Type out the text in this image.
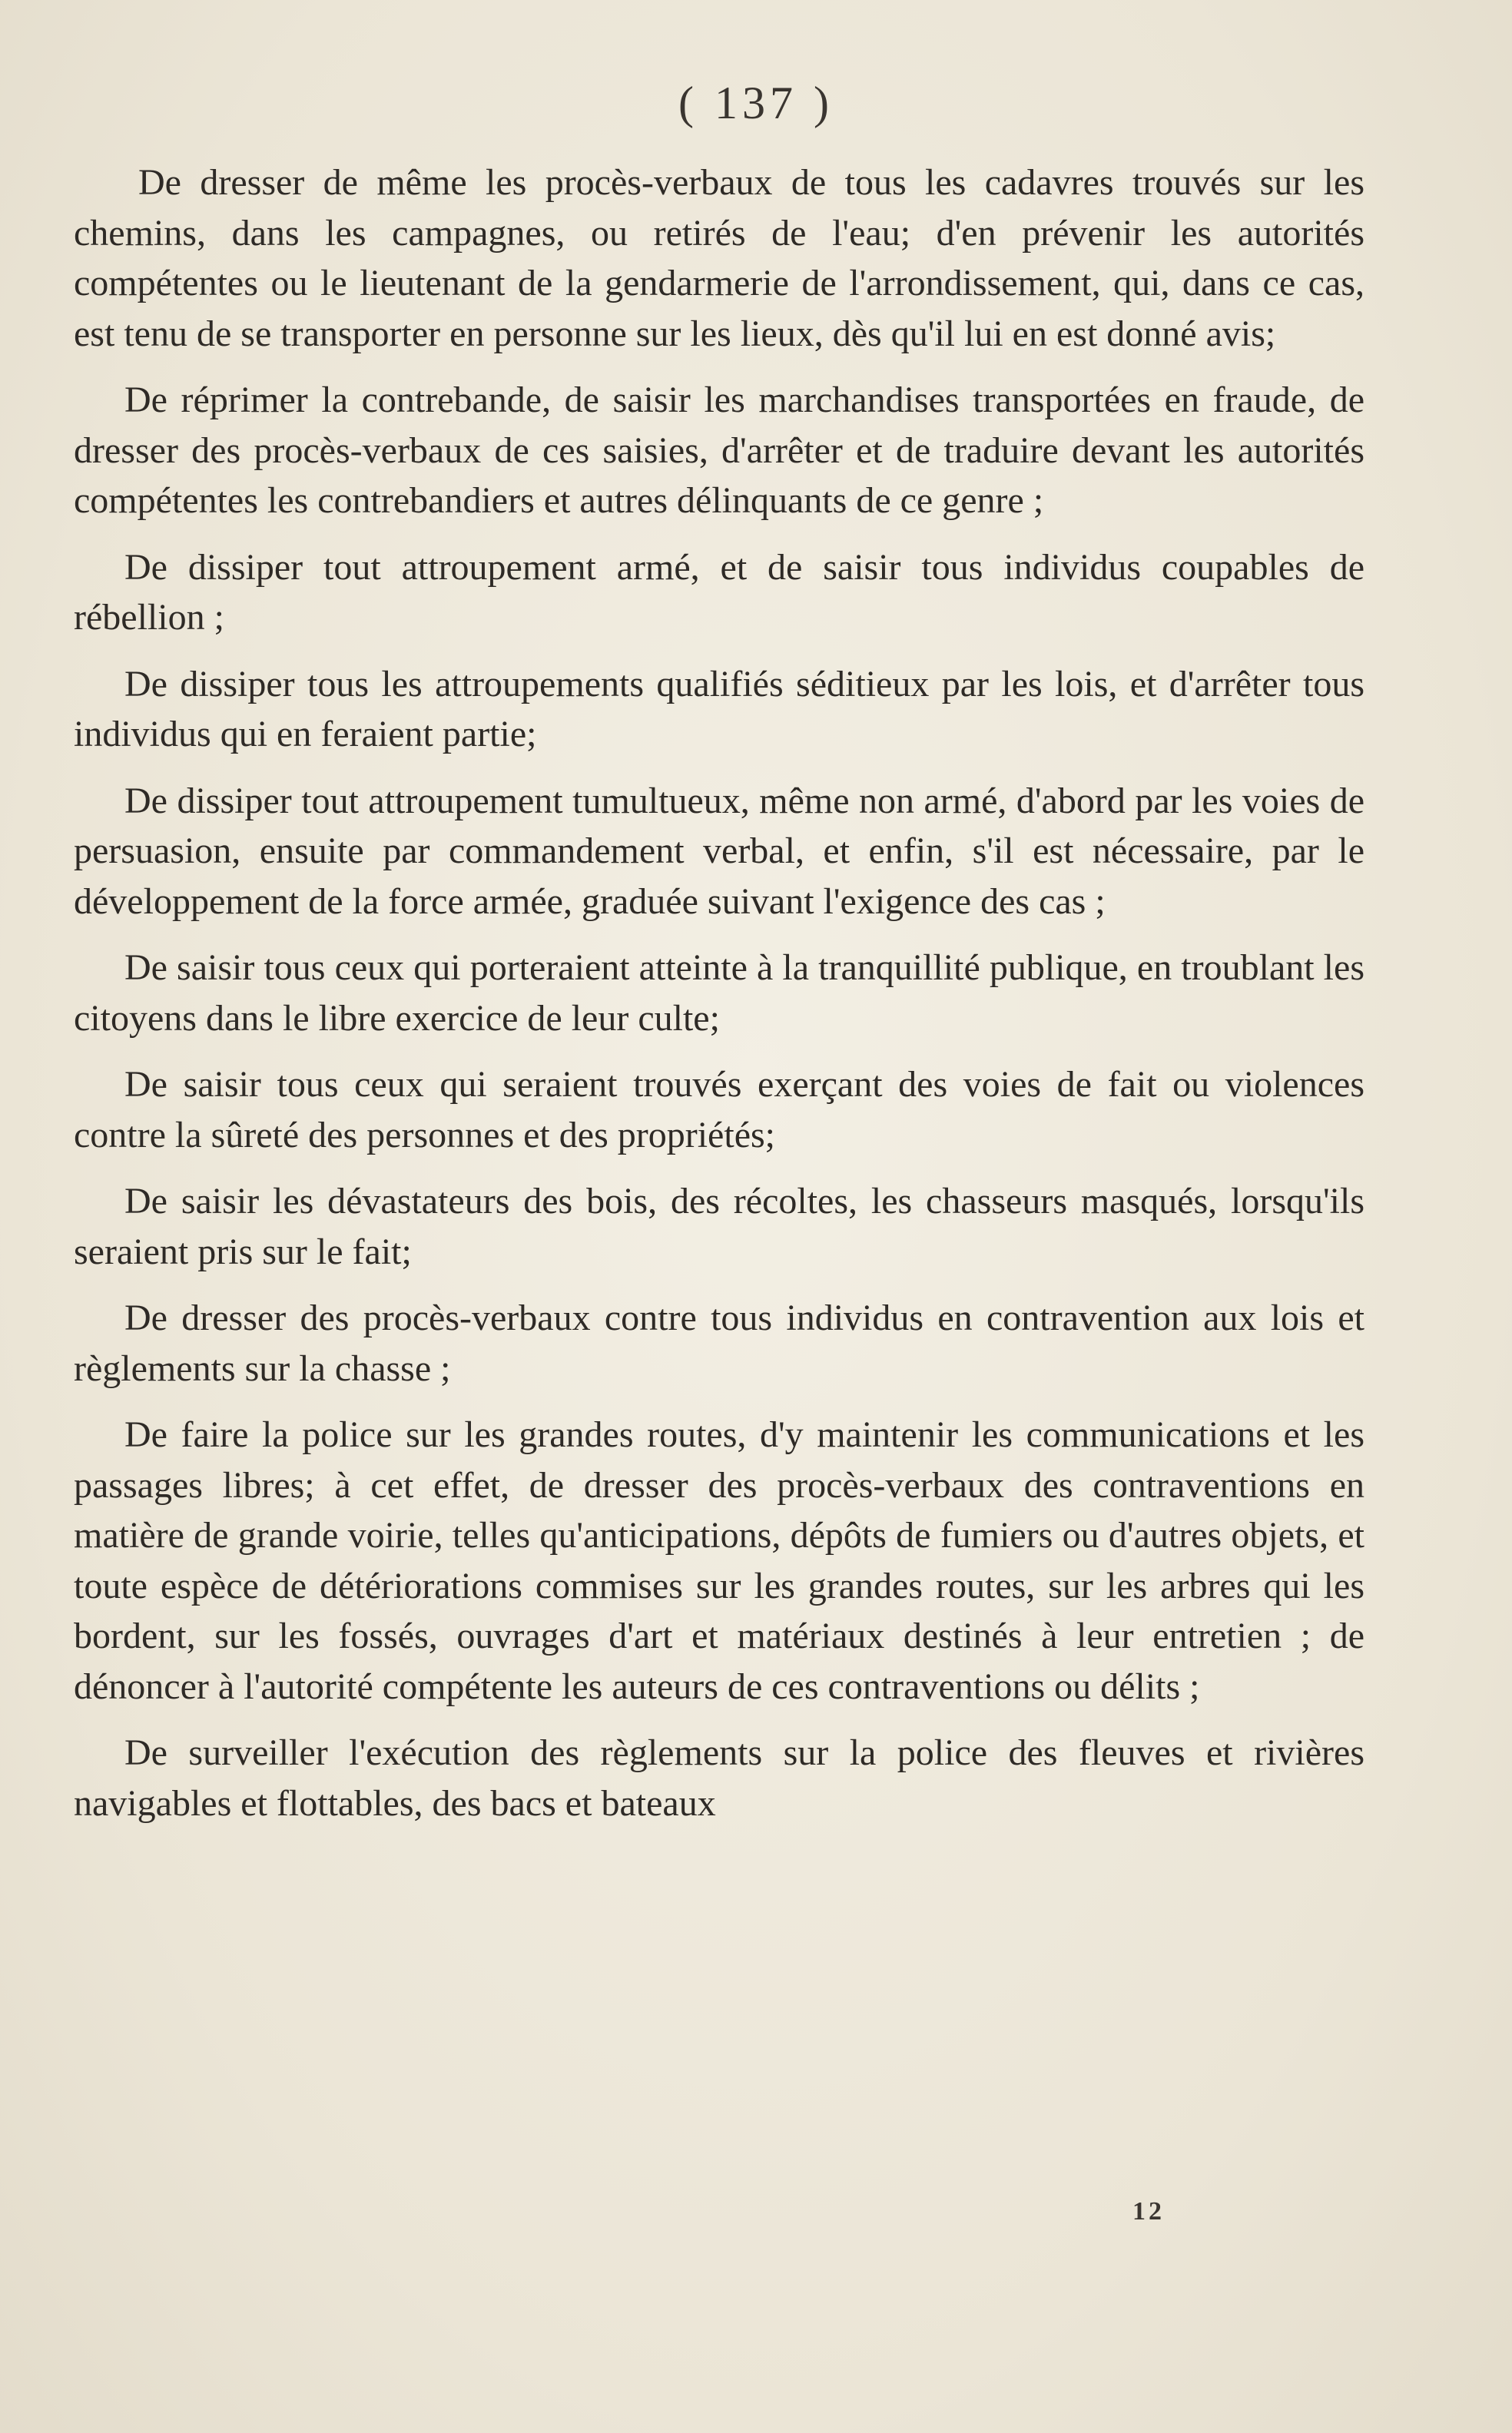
( 137 )

De dresser de même les procès-verbaux de tous les cadavres trouvés sur les chemins, dans les campagnes, ou retirés de l'eau; d'en prévenir les autorités compétentes ou le lieutenant de la gendarmerie de l'arrondissement, qui, dans ce cas, est tenu de se transporter en personne sur les lieux, dès qu'il lui en est donné avis;

De réprimer la contrebande, de saisir les marchandises transportées en fraude, de dresser des procès-verbaux de ces saisies, d'arrêter et de traduire devant les autorités compétentes les contrebandiers et autres délinquants de ce genre ;

De dissiper tout attroupement armé, et de saisir tous individus coupables de rébellion ;

De dissiper tous les attroupements qualifiés séditieux par les lois, et d'arrêter tous individus qui en feraient partie;

De dissiper tout attroupement tumultueux, même non armé, d'abord par les voies de persuasion, ensuite par commandement verbal, et enfin, s'il est nécessaire, par le développement de la force armée, graduée suivant l'exigence des cas ;

De saisir tous ceux qui porteraient atteinte à la tranquillité publique, en troublant les citoyens dans le libre exercice de leur culte;

De saisir tous ceux qui seraient trouvés exerçant des voies de fait ou violences contre la sûreté des personnes et des propriétés;

De saisir les dévastateurs des bois, des récoltes, les chasseurs masqués, lorsqu'ils seraient pris sur le fait;

De dresser des procès-verbaux contre tous individus en contravention aux lois et règlements sur la chasse ;

De faire la police sur les grandes routes, d'y maintenir les communications et les passages libres; à cet effet, de dresser des procès-verbaux des contraventions en matière de grande voirie, telles qu'anticipations, dépôts de fumiers ou d'autres objets, et toute espèce de détériorations commises sur les grandes routes, sur les arbres qui les bordent, sur les fossés, ouvrages d'art et matériaux destinés à leur entretien ; de dénoncer à l'autorité compétente les auteurs de ces contraventions ou délits ;

De surveiller l'exécution des règlements sur la police des fleuves et rivières navigables et flottables, des bacs et bateaux

12
